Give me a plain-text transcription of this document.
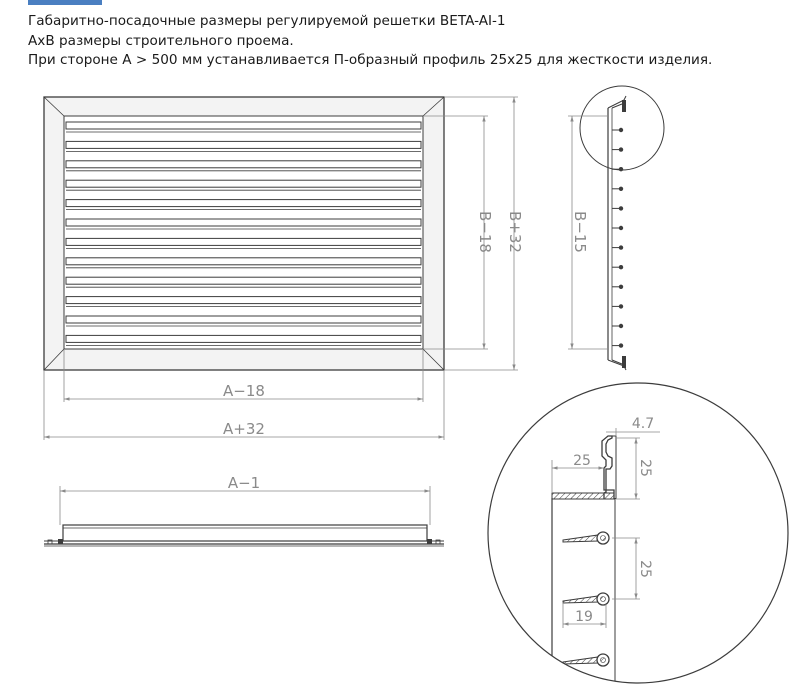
Габаритно-посадочные размеры регулируемой решетки BETA-AI-1
AxB размеры строительного проема.
При стороне A > 500 мм устанавливается П-образный профиль 25x25 для жесткости изделия.
A−18
A+32
B−18 B+32	B−15
A−1
4.7
25	25
25
19
